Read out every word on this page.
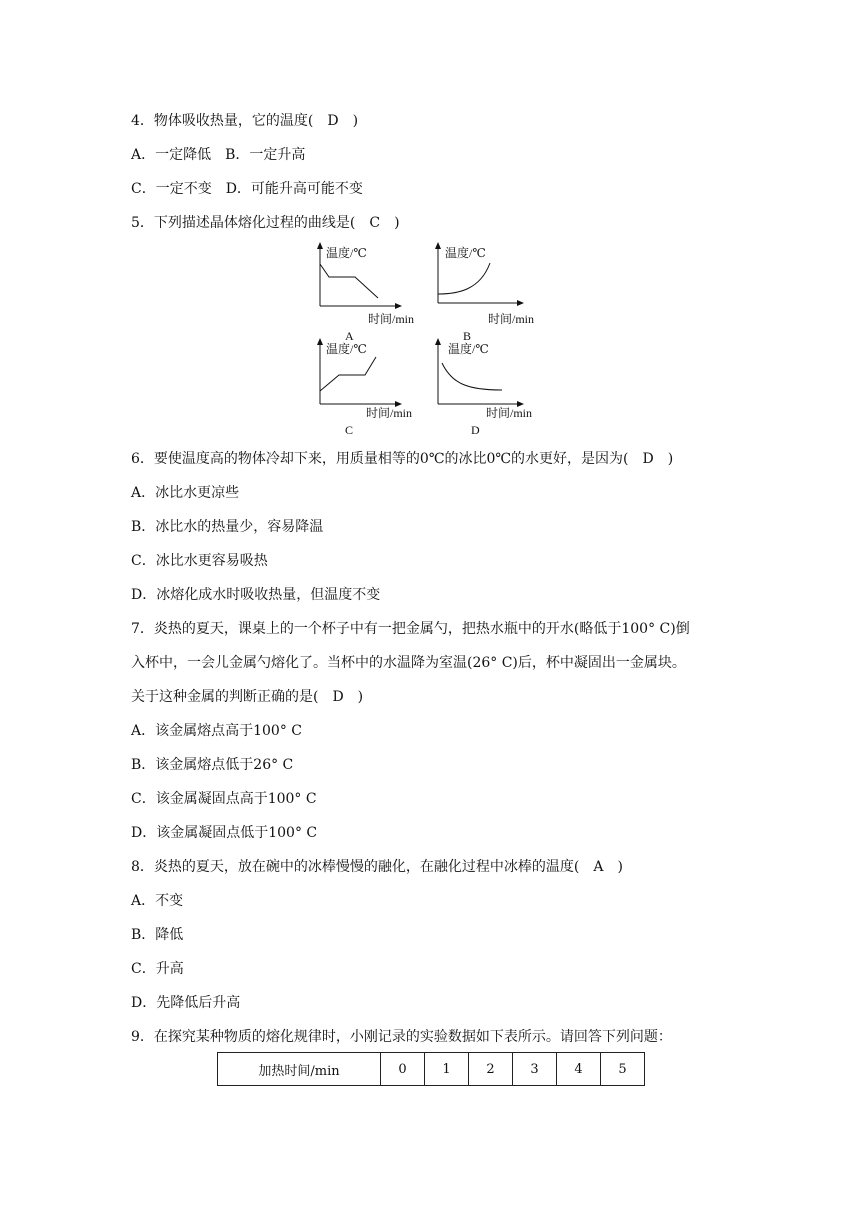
4．物体吸收热量，它的温度(　D　)
A．一定降低　B．一定升高
C．一定不变　D．可能升高可能不变
5．下列描述晶体熔化过程的曲线是(　C　)
温度/℃
时间/min
A
温度/℃
时间/min
B
温度/℃
时间/min
C
温度/℃
时间/min
D
6．要使温度高的物体冷却下来，用质量相等的0℃的冰比0℃的水更好，是因为(　D　)
A．冰比水更凉些
B．冰比水的热量少，容易降温
C．冰比水更容易吸热
D．冰熔化成水时吸收热量，但温度不变
7．炎热的夏天，课桌上的一个杯子中有一把金属勺，把热水瓶中的开水(略低于100° C)倒
入杯中，一会儿金属勺熔化了。当杯中的水温降为室温(26° C)后，杯中凝固出一金属块。
关于这种金属的判断正确的是(　D　)
A．该金属熔点高于100° C
B．该金属熔点低于26° C
C．该金属凝固点高于100° C
D．该金属凝固点低于100° C
8．炎热的夏天，放在碗中的冰棒慢慢的融化，在融化过程中冰棒的温度(　A　)
A．不变
B．降低
C．升高
D．先降低后升高
9．在探究某种物质的熔化规律时，小刚记录的实验数据如下表所示。请回答下列问题：
加热时间/min	0	1	2	3	4	5
